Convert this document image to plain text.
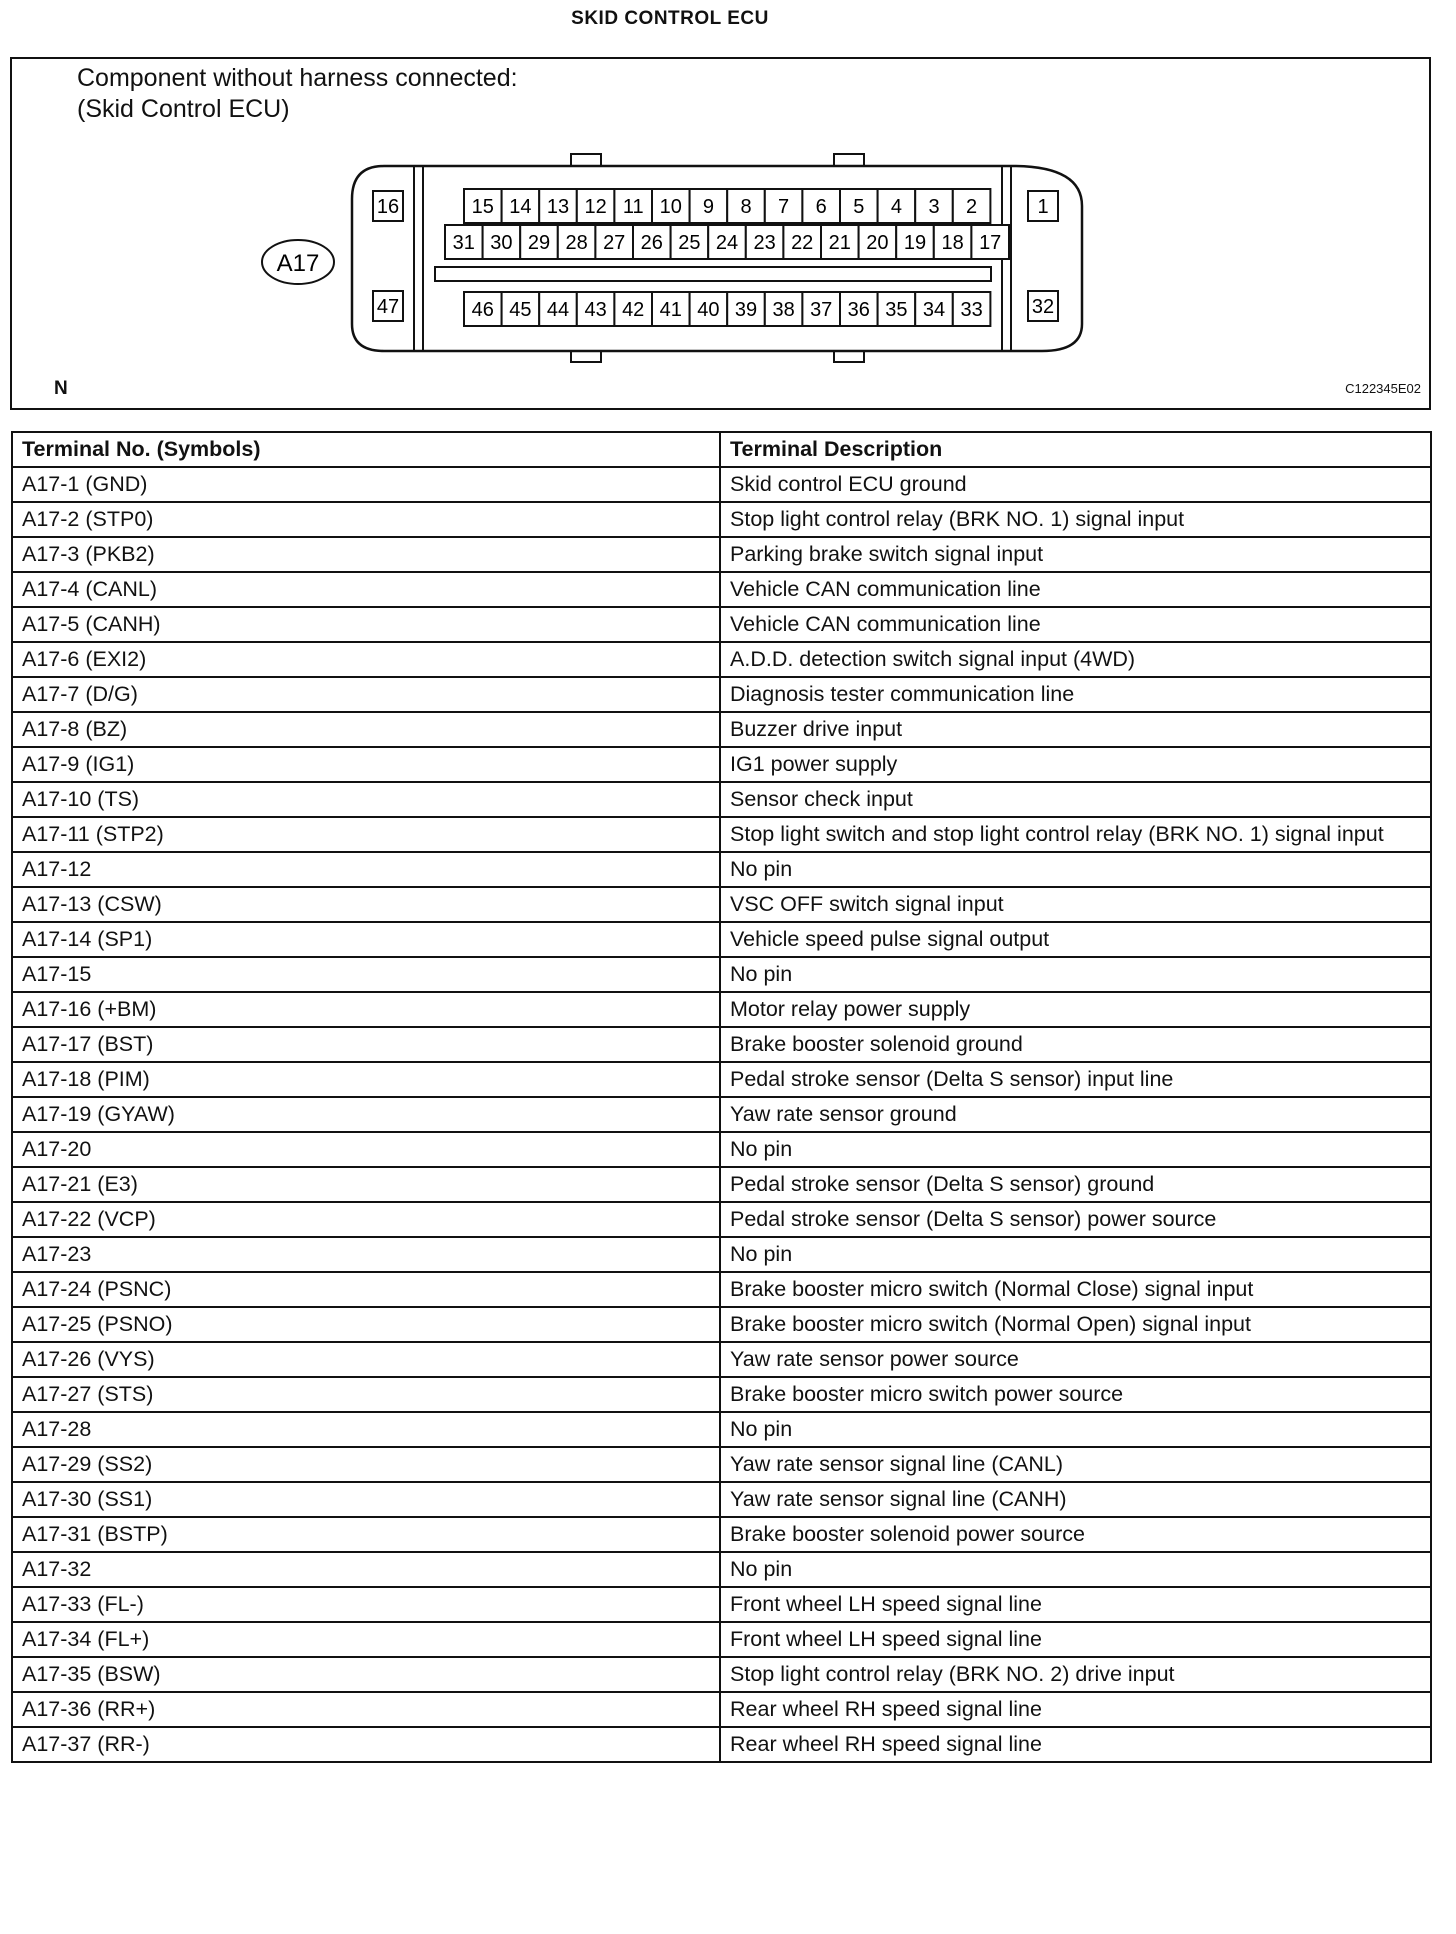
SKID CONTROL ECU
Component without harness connected:
(Skid Control ECU)
A17
16
47
1
32
15 14 13 12 11 10 9 8 7 6 5 4 3 2
31 30 29 28 27 26 25 24 23 22 21 20 19 18 17
46 45 44 43 42 41 40 39 38 37 36 35 34 33
N	C122345E02
Terminal No. (Symbols)	Terminal Description
A17-1 (GND)	Skid control ECU ground
A17-2 (STP0)	Stop light control relay (BRK NO. 1) signal input
A17-3 (PKB2)	Parking brake switch signal input
A17-4 (CANL)	Vehicle CAN communication line
A17-5 (CANH)	Vehicle CAN communication line
A17-6 (EXI2)	A.D.D. detection switch signal input (4WD)
A17-7 (D/G)	Diagnosis tester communication line
A17-8 (BZ)	Buzzer drive input
A17-9 (IG1)	IG1 power supply
A17-10 (TS)	Sensor check input
A17-11 (STP2)	Stop light switch and stop light control relay (BRK NO. 1) signal input
A17-12	No pin
A17-13 (CSW)	VSC OFF switch signal input
A17-14 (SP1)	Vehicle speed pulse signal output
A17-15	No pin
A17-16 (+BM)	Motor relay power supply
A17-17 (BST)	Brake booster solenoid ground
A17-18 (PIM)	Pedal stroke sensor (Delta S sensor) input line
A17-19 (GYAW)	Yaw rate sensor ground
A17-20	No pin
A17-21 (E3)	Pedal stroke sensor (Delta S sensor) ground
A17-22 (VCP)	Pedal stroke sensor (Delta S sensor) power source
A17-23	No pin
A17-24 (PSNC)	Brake booster micro switch (Normal Close) signal input
A17-25 (PSNO)	Brake booster micro switch (Normal Open) signal input
A17-26 (VYS)	Yaw rate sensor power source
A17-27 (STS)	Brake booster micro switch power source
A17-28	No pin
A17-29 (SS2)	Yaw rate sensor signal line (CANL)
A17-30 (SS1)	Yaw rate sensor signal line (CANH)
A17-31 (BSTP)	Brake booster solenoid power source
A17-32	No pin
A17-33 (FL-)	Front wheel LH speed signal line
A17-34 (FL+)	Front wheel LH speed signal line
A17-35 (BSW)	Stop light control relay (BRK NO. 2) drive input
A17-36 (RR+)	Rear wheel RH speed signal line
A17-37 (RR-)	Rear wheel RH speed signal line
